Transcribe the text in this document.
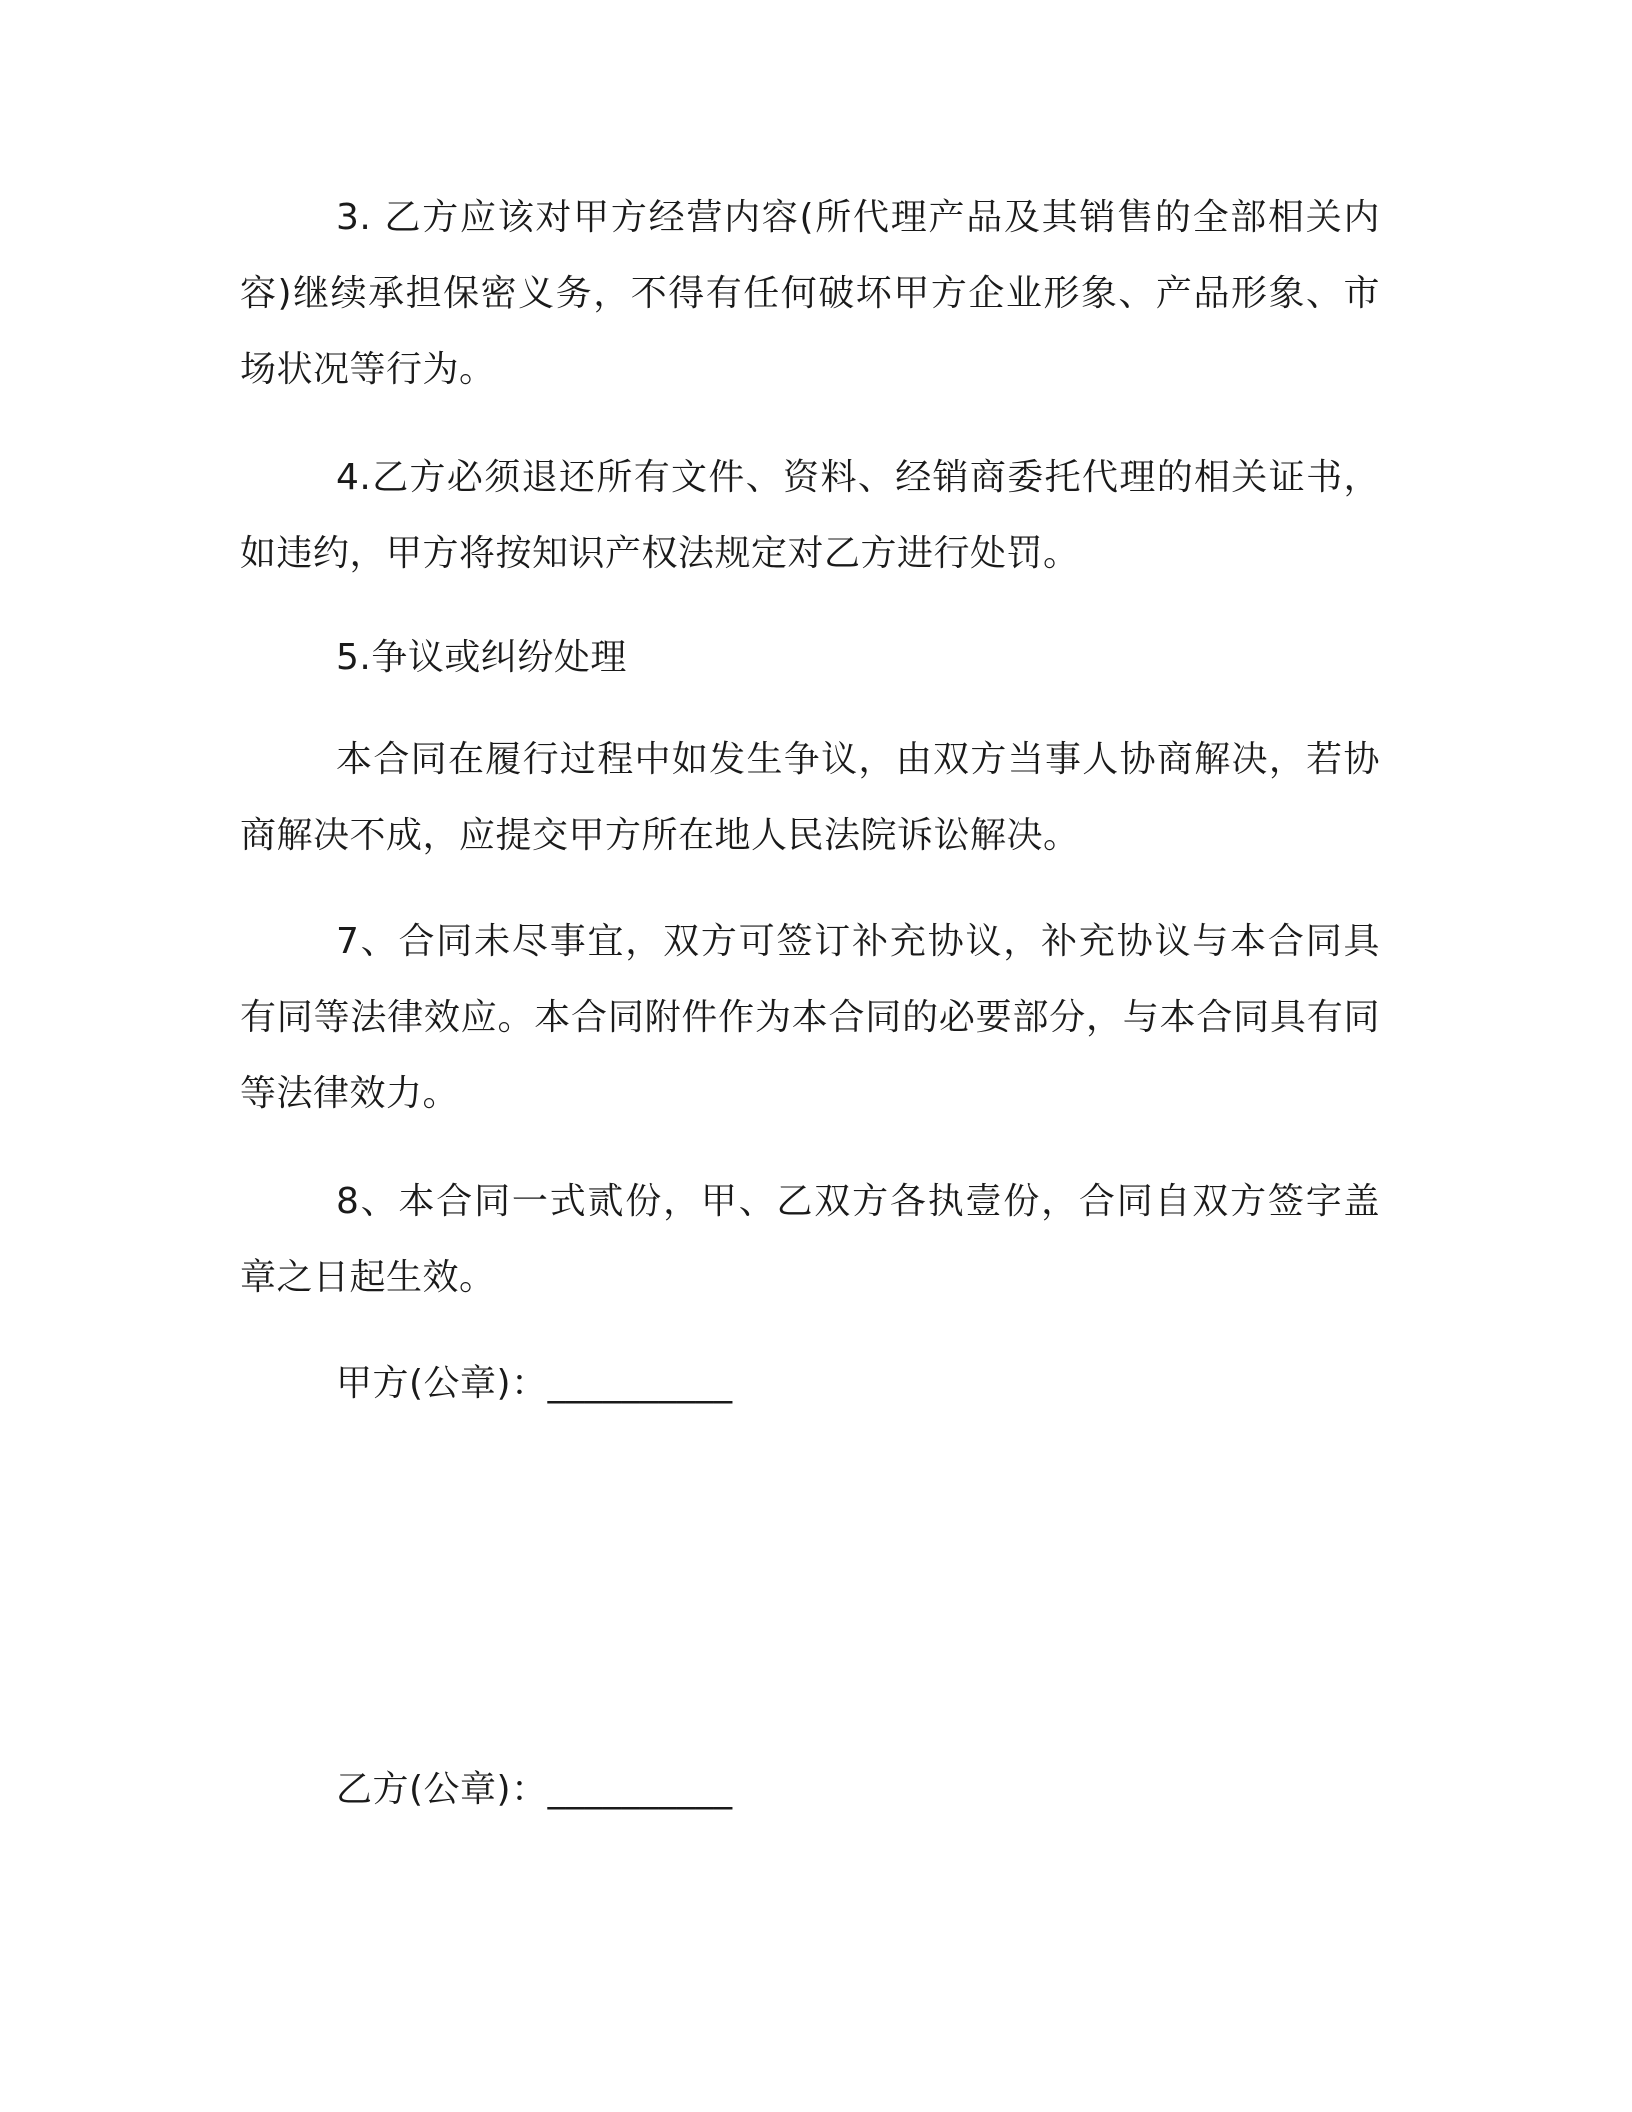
3. 乙方应该对甲方经营内容(所代理产品及其销售的全部相关内容)继续承担保密义务，不得有任何破坏甲方企业形象、产品形象、市场状况等行为。

4.乙方必须退还所有文件、资料、经销商委托代理的相关证书，如违约，甲方将按知识产权法规定对乙方进行处罚。

5.争议或纠纷处理

本合同在履行过程中如发生争议，由双方当事人协商解决，若协商解决不成，应提交甲方所在地人民法院诉讼解决。

7、合同未尽事宜，双方可签订补充协议，补充协议与本合同具有同等法律效应。本合同附件作为本合同的必要部分，与本合同具有同等法律效力。

8、本合同一式贰份，甲、乙双方各执壹份，合同自双方签字盖章之日起生效。

甲方(公章)：__________

乙方(公章)：__________
